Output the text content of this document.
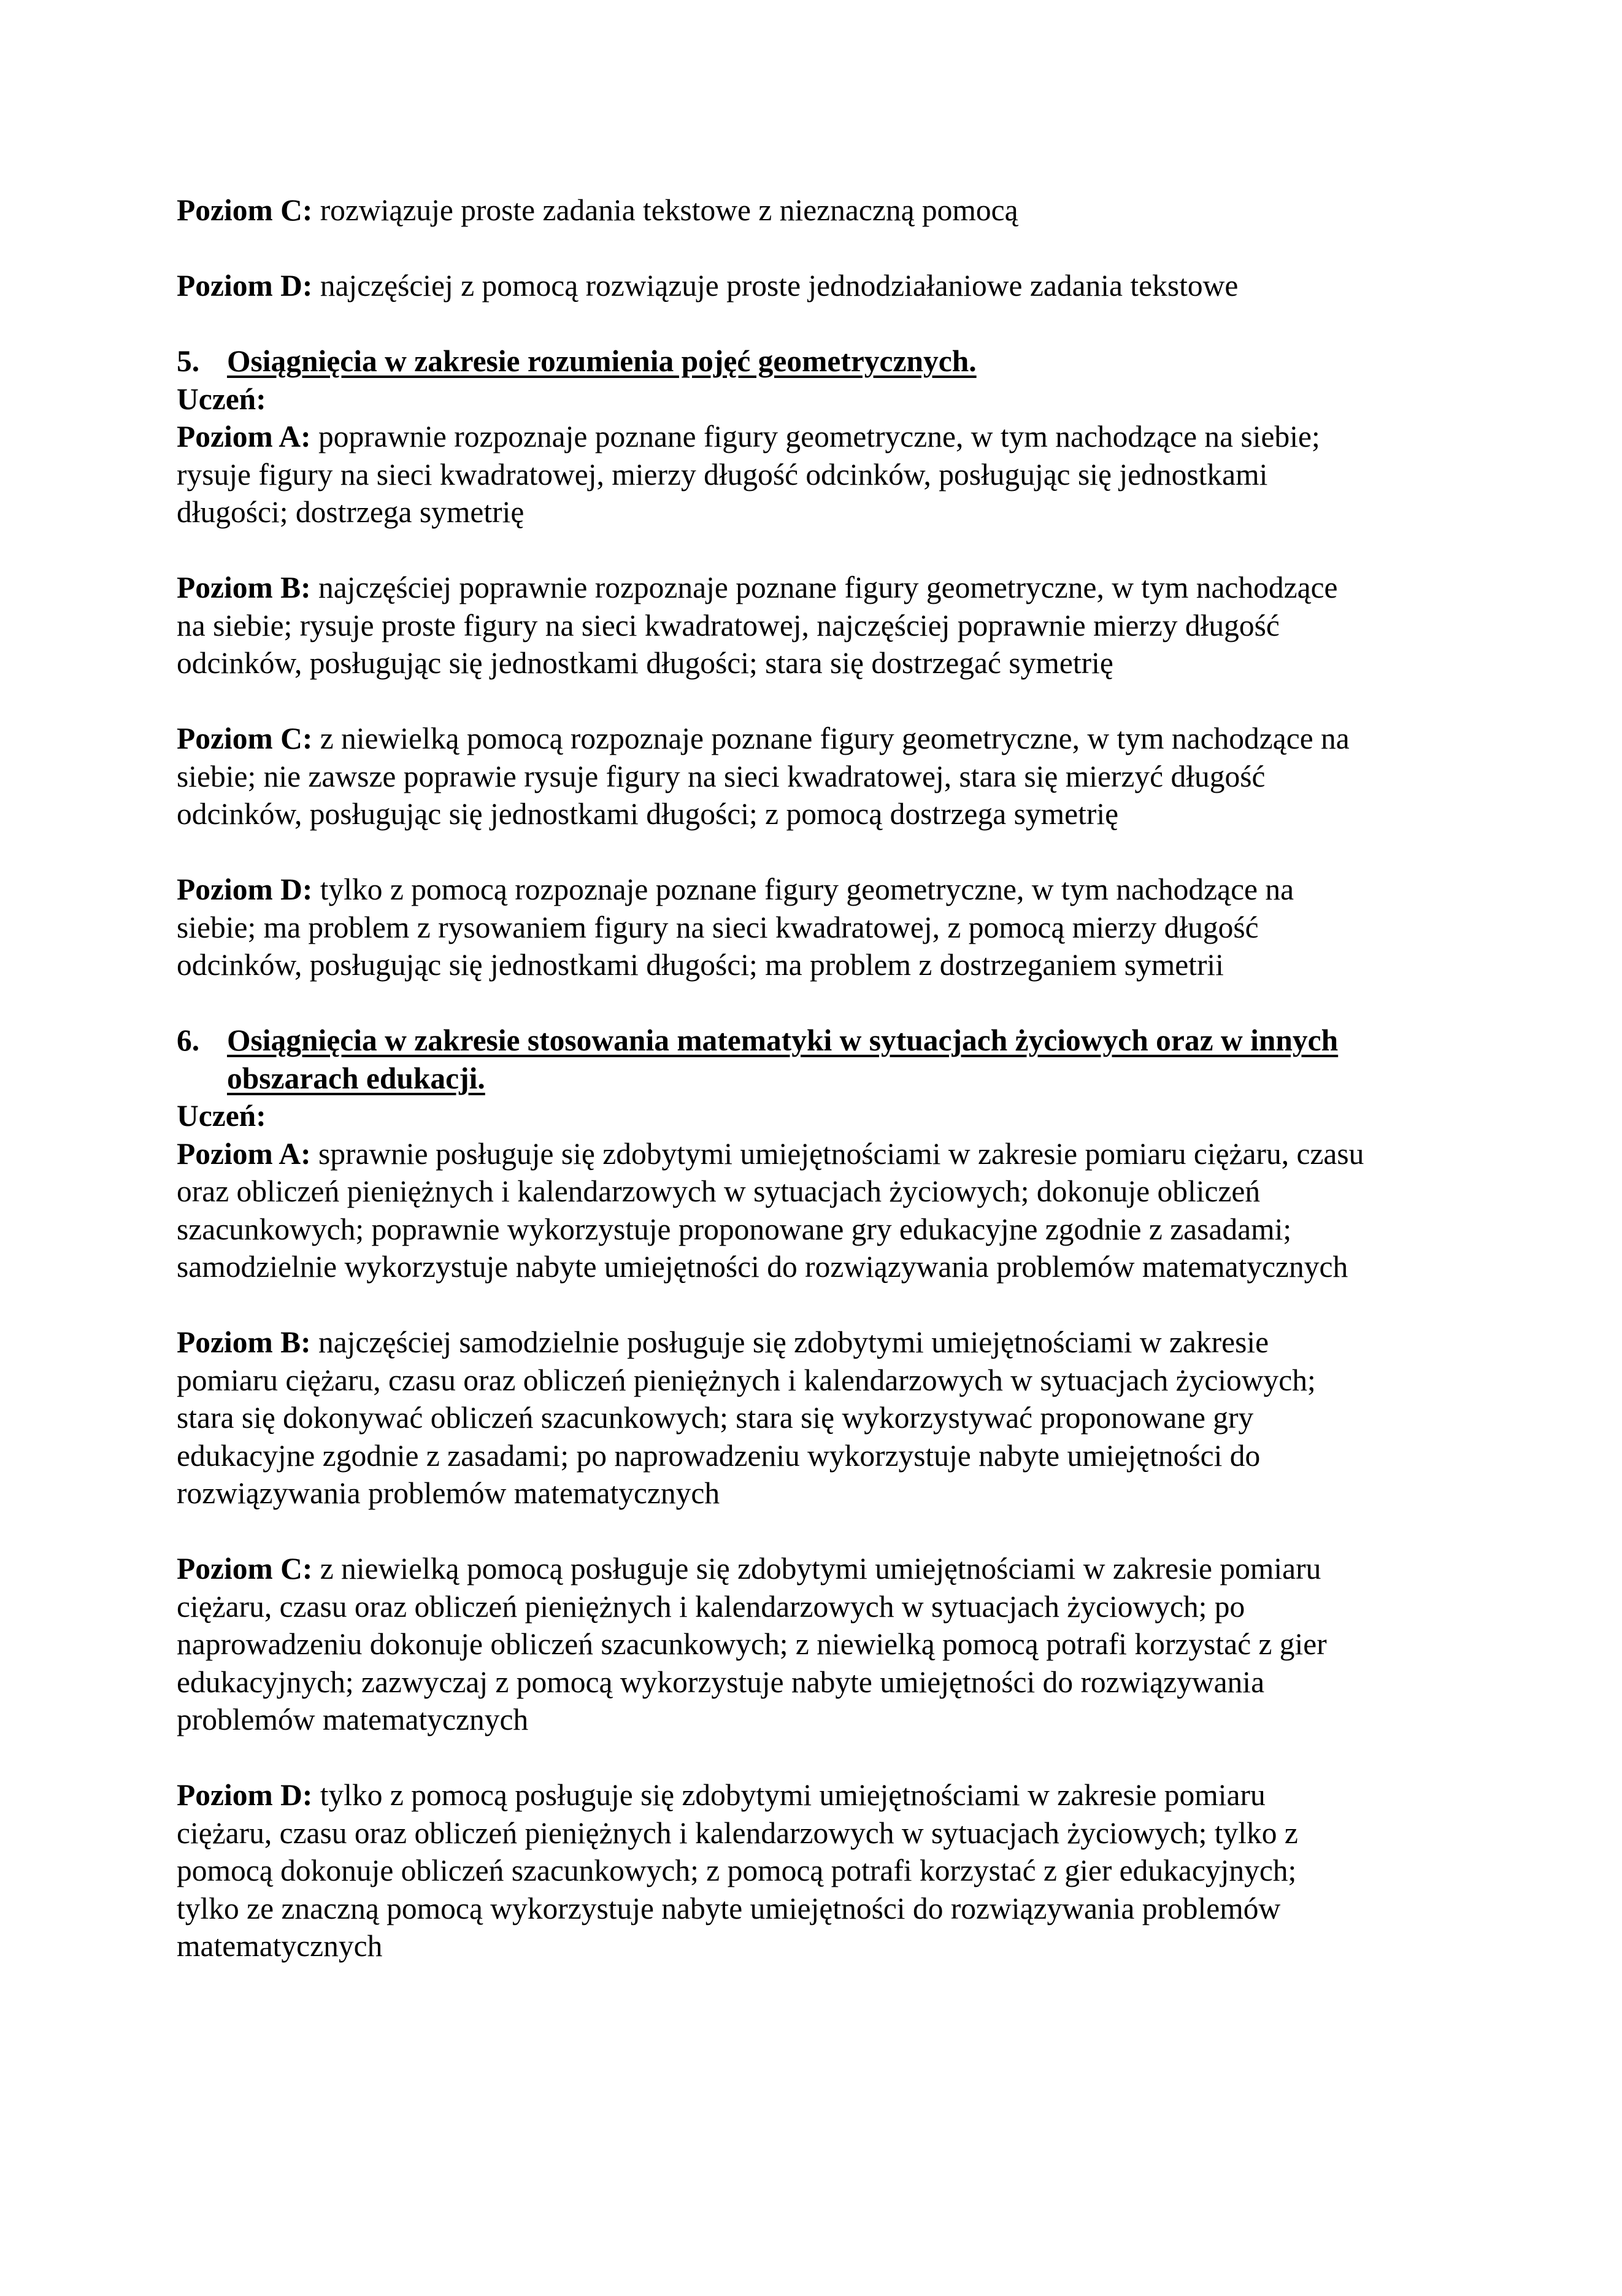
Poziom C: rozwiązuje proste zadania tekstowe z nieznaczną pomocą
Poziom D: najczęściej z pomocą rozwiązuje proste jednodziałaniowe zadania tekstowe
5. Osiągnięcia w zakresie rozumienia pojęć geometrycznych.
Uczeń:
Poziom A: poprawnie rozpoznaje poznane figury geometryczne, w tym nachodzące na siebie;
rysuje figury na sieci kwadratowej, mierzy długość odcinków, posługując się jednostkami
długości; dostrzega symetrię
Poziom B: najczęściej poprawnie rozpoznaje poznane figury geometryczne, w tym nachodzące
na siebie; rysuje proste figury na sieci kwadratowej, najczęściej poprawnie mierzy długość
odcinków, posługując się jednostkami długości; stara się dostrzegać symetrię
Poziom C: z niewielką pomocą rozpoznaje poznane figury geometryczne, w tym nachodzące na
siebie; nie zawsze poprawie rysuje figury na sieci kwadratowej, stara się mierzyć długość
odcinków, posługując się jednostkami długości; z pomocą dostrzega symetrię
Poziom D: tylko z pomocą rozpoznaje poznane figury geometryczne, w tym nachodzące na
siebie; ma problem z rysowaniem figury na sieci kwadratowej, z pomocą mierzy długość
odcinków, posługując się jednostkami długości; ma problem z dostrzeganiem symetrii
6. Osiągnięcia w zakresie stosowania matematyki w sytuacjach życiowych oraz w innych
obszarach edukacji.
Uczeń:
Poziom A: sprawnie posługuje się zdobytymi umiejętnościami w zakresie pomiaru ciężaru, czasu
oraz obliczeń pieniężnych i kalendarzowych w sytuacjach życiowych; dokonuje obliczeń
szacunkowych; poprawnie wykorzystuje proponowane gry edukacyjne zgodnie z zasadami;
samodzielnie wykorzystuje nabyte umiejętności do rozwiązywania problemów matematycznych
Poziom B: najczęściej samodzielnie posługuje się zdobytymi umiejętnościami w zakresie
pomiaru ciężaru, czasu oraz obliczeń pieniężnych i kalendarzowych w sytuacjach życiowych;
stara się dokonywać obliczeń szacunkowych; stara się wykorzystywać proponowane gry
edukacyjne zgodnie z zasadami; po naprowadzeniu wykorzystuje nabyte umiejętności do
rozwiązywania problemów matematycznych
Poziom C: z niewielką pomocą posługuje się zdobytymi umiejętnościami w zakresie pomiaru
ciężaru, czasu oraz obliczeń pieniężnych i kalendarzowych w sytuacjach życiowych; po
naprowadzeniu dokonuje obliczeń szacunkowych; z niewielką pomocą potrafi korzystać z gier
edukacyjnych; zazwyczaj z pomocą wykorzystuje nabyte umiejętności do rozwiązywania
problemów matematycznych
Poziom D: tylko z pomocą posługuje się zdobytymi umiejętnościami w zakresie pomiaru
ciężaru, czasu oraz obliczeń pieniężnych i kalendarzowych w sytuacjach życiowych; tylko z
pomocą dokonuje obliczeń szacunkowych; z pomocą potrafi korzystać z gier edukacyjnych;
tylko ze znaczną pomocą wykorzystuje nabyte umiejętności do rozwiązywania problemów
matematycznych
